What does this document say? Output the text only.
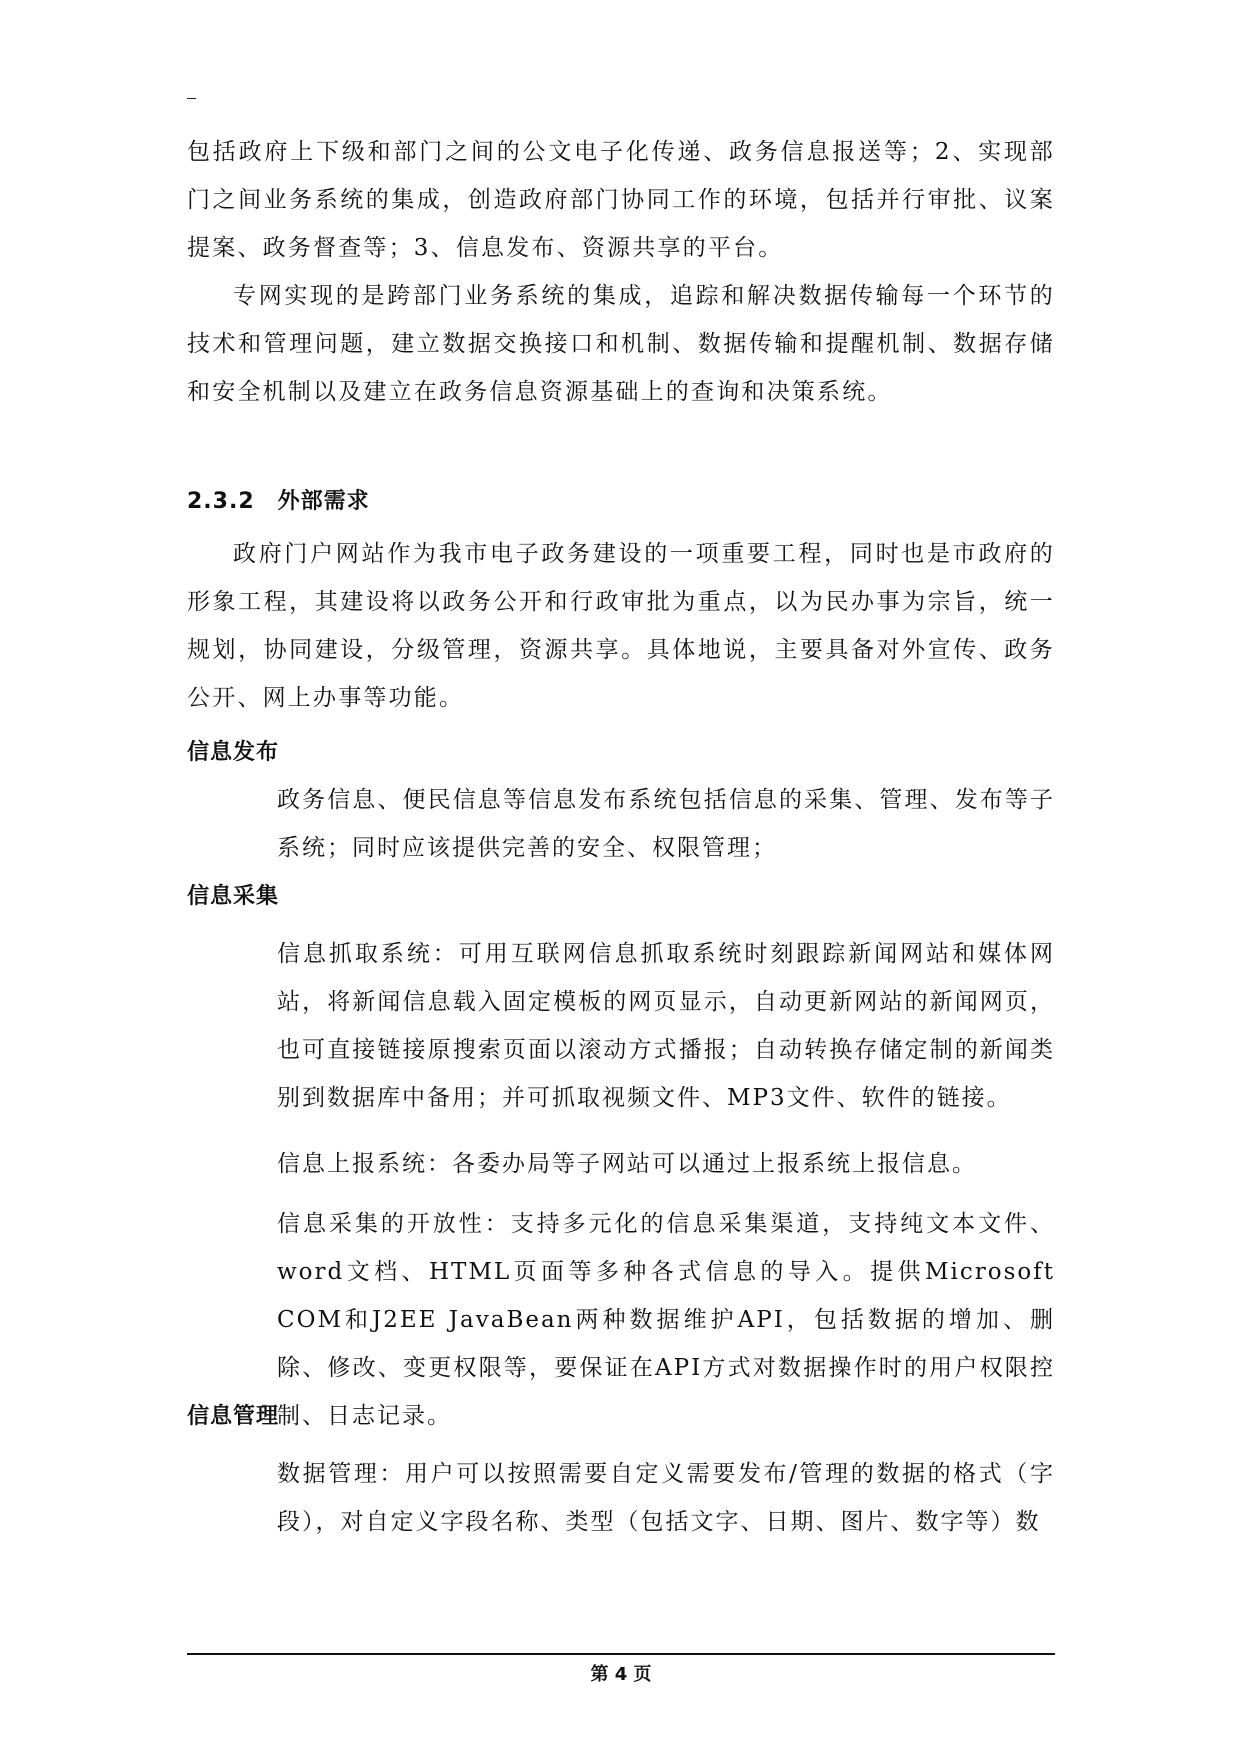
包括政府上下级和部门之间的公文电子化传递、政务信息报送等；2、实现部门之间业务系统的集成，创造政府部门协同工作的环境，包括并行审批、议案提案、政务督查等；3、信息发布、资源共享的平台。

专网实现的是跨部门业务系统的集成，追踪和解决数据传输每一个环节的技术和管理问题，建立数据交换接口和机制、数据传输和提醒机制、数据存储和安全机制以及建立在政务信息资源基础上的查询和决策系统。

2.3.2　外部需求

政府门户网站作为我市电子政务建设的一项重要工程，同时也是市政府的形象工程，其建设将以政务公开和行政审批为重点，以为民办事为宗旨，统一规划，协同建设，分级管理，资源共享。具体地说，主要具备对外宣传、政务公开、网上办事等功能。

信息发布

政务信息、便民信息等信息发布系统包括信息的采集、管理、发布等子系统；同时应该提供完善的安全、权限管理；

信息采集

信息抓取系统：可用互联网信息抓取系统时刻跟踪新闻网站和媒体网站，将新闻信息载入固定模板的网页显示，自动更新网站的新闻网页，也可直接链接原搜索页面以滚动方式播报；自动转换存储定制的新闻类别到数据库中备用；并可抓取视频文件、MP3文件、软件的链接。

信息上报系统：各委办局等子网站可以通过上报系统上报信息。

信息采集的开放性：支持多元化的信息采集渠道，支持纯文本文件、word文档、HTML页面等多种各式信息的导入。提供Microsoft COM和J2EE JavaBean两种数据维护API，包括数据的增加、删除、修改、变更权限等，要保证在API方式对数据操作时的用户权限控制、日志记录。

信息管理

数据管理：用户可以按照需要自定义需要发布/管理的数据的格式（字段），对自定义字段名称、类型（包括文字、日期、图片、数字等）数

第 4 页
